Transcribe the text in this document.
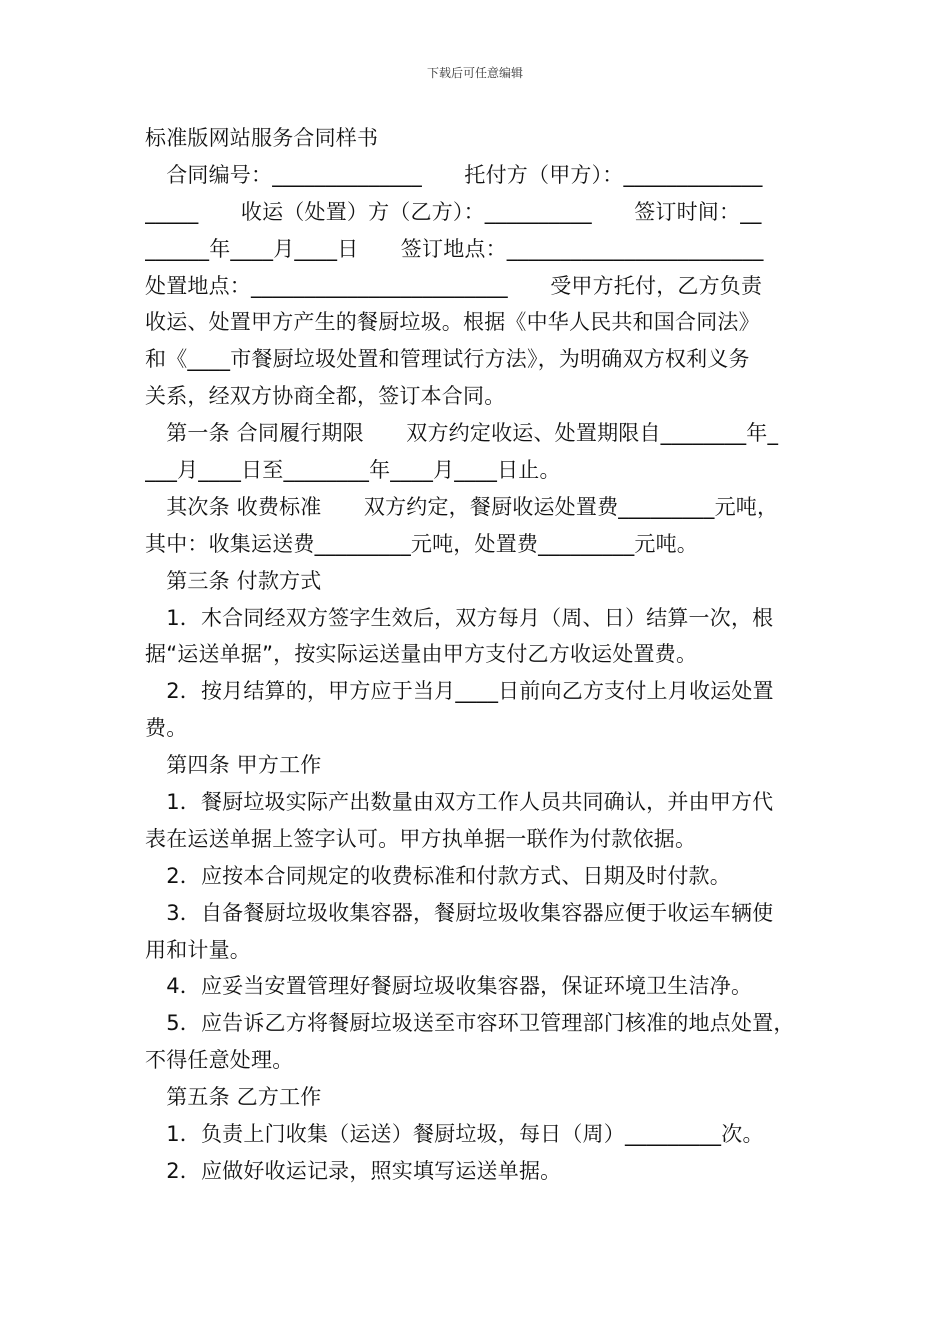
下载后可任意编辑
标准版网站服务合同样书
　合同编号：______________　　托付方（甲方）：_____________
_____　　收运（处置）方（乙方）：__________　　签订时间：__
______年____月____日　　签订地点：________________________
处置地点：________________________　　受甲方托付，乙方负责
收运、处置甲方产生的餐厨垃圾。根据《中华人民共和国合同法》
和《____市餐厨垃圾处置和管理试行方法》，为明确双方权利义务
关系，经双方协商全都，签订本合同。
　第一条 合同履行期限　　双方约定收运、处置期限自________年_
___月____日至________年____月____日止。
　其次条 收费标准　　双方约定，餐厨收运处置费_________元吨，
其中：收集运送费_________元吨，处置费_________元吨。
　第三条 付款方式
　1．木合同经双方签字生效后，双方每月（周、日）结算一次，根
据“运送单据”，按实际运送量由甲方支付乙方收运处置费。
　2．按月结算的，甲方应于当月____日前向乙方支付上月收运处置
费。
　第四条 甲方工作
　1．餐厨垃圾实际产出数量由双方工作人员共同确认，并由甲方代
表在运送单据上签字认可。甲方执单据一联作为付款依据。
　2．应按本合同规定的收费标准和付款方式、日期及时付款。
　3．自备餐厨垃圾收集容器，餐厨垃圾收集容器应便于收运车辆使
用和计量。
　4．应妥当安置管理好餐厨垃圾收集容器，保证环境卫生洁净。
　5．应告诉乙方将餐厨垃圾送至市容环卫管理部门核准的地点处置，
不得任意处理。
　第五条 乙方工作
　1．负责上门收集（运送）餐厨垃圾，每日（周）_________次。
　2．应做好收运记录，照实填写运送单据。
